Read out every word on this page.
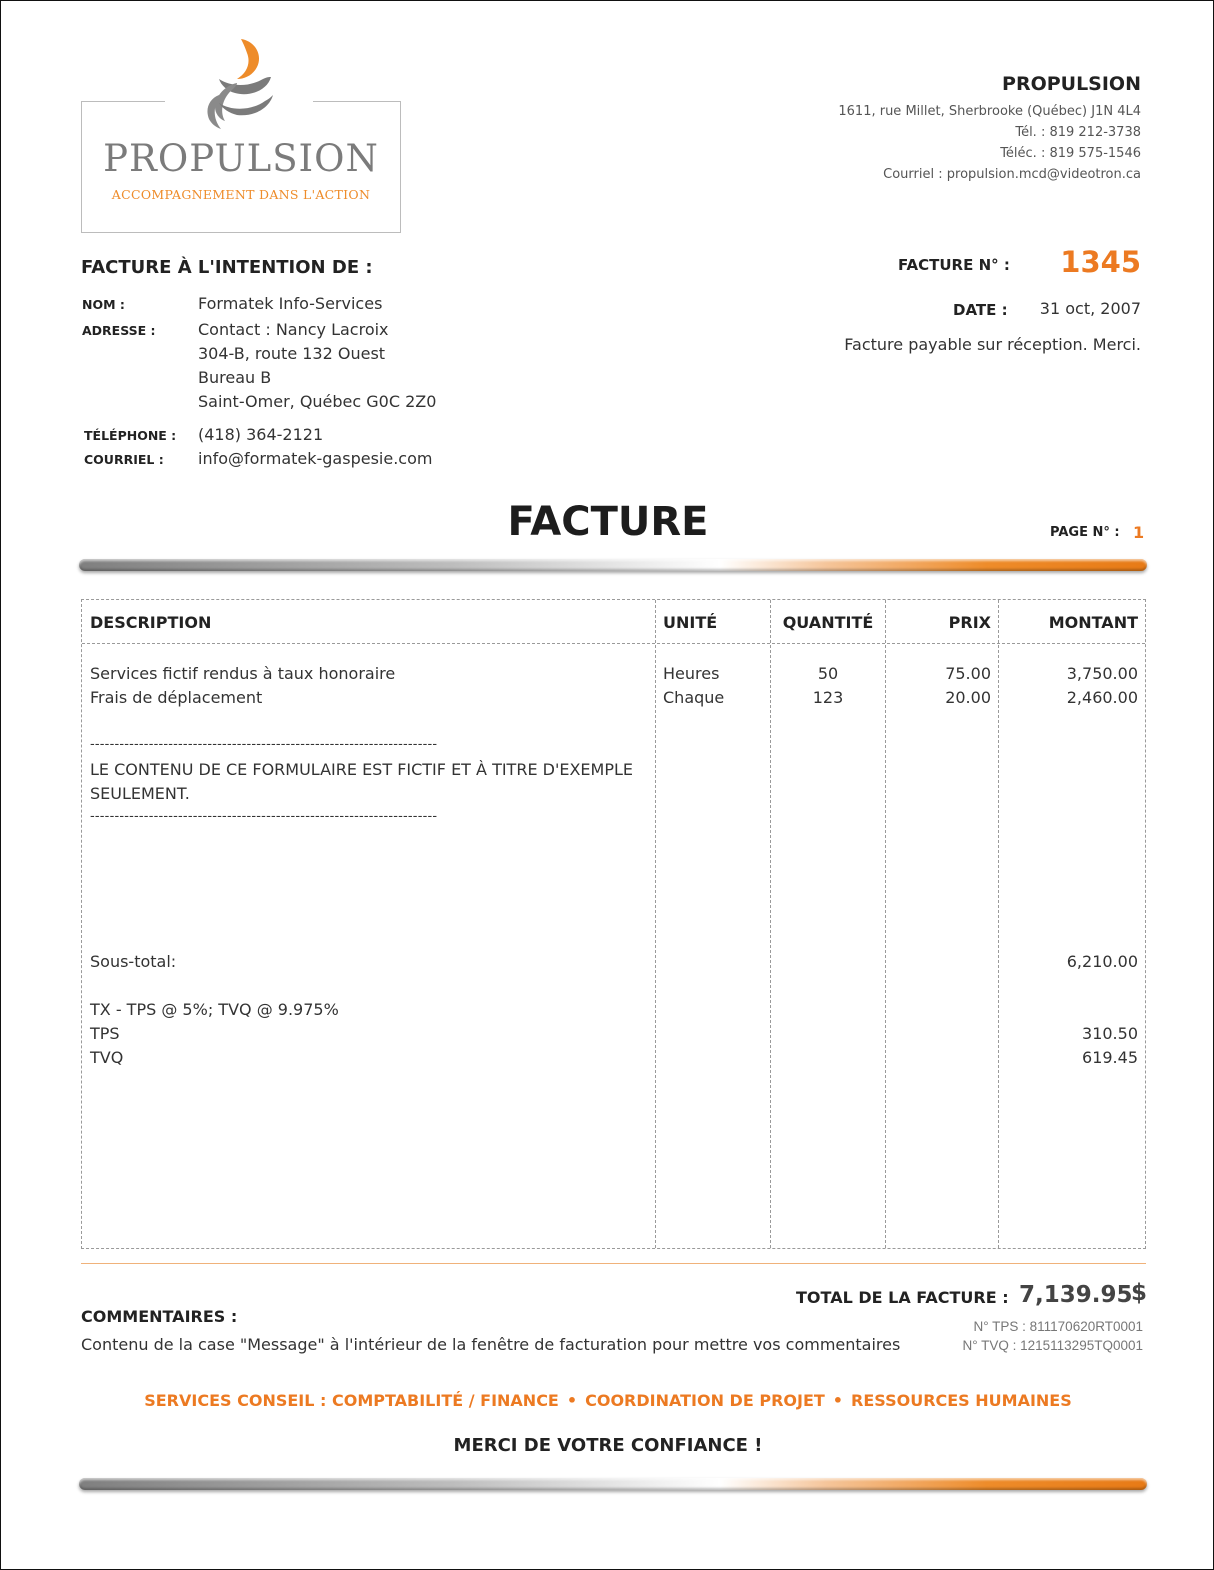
PROPULSION
ACCOMPAGNEMENT DANS L'ACTION
PROPULSION
1611, rue Millet, Sherbrooke (Québec) J1N 4L4
Tél. : 819 212-3738
Téléc. : 819 575-1546
Courriel : propulsion.mcd@videotron.ca
FACTURE À L'INTENTION DE :
NOM :	Formatek Info-Services
ADRESSE :	Contact : Nancy Lacroix
304-B, route 132 Ouest
Bureau B
Saint-Omer, Québec G0C 2Z0
TÉLÉPHONE : (418) 364-2121
COURRIEL : info@formatek-gaspesie.com
FACTURE N° : 1345
DATE : 31 oct, 2007
Facture payable sur réception. Merci.
FACTURE	PAGE N° : 1
DESCRIPTION	UNITÉ	QUANTITÉ	PRIX	MONTANT
Services fictif rendus à taux honoraire	Heures	50	75.00	3,750.00
Frais de déplacement	Chaque	123	20.00	2,460.00
-----------------------------------------------------------------------
LE CONTENU DE CE FORMULAIRE EST FICTIF ET À TITRE D'EXEMPLE
SEULEMENT.
-----------------------------------------------------------------------
Sous-total:	6,210.00
TX - TPS @ 5%; TVQ @ 9.975%
TPS	310.50
TVQ	619.45
TOTAL DE LA FACTURE : 7,139.95
$
N° TPS : 811170620RT0001
N° TVQ : 1215113295TQ0001
COMMENTAIRES :
Contenu de la case "Message" à l'intérieur de la fenêtre de facturation pour mettre vos commentaires
SERVICES CONSEIL : COMPTABILITÉ / FINANCE • COORDINATION DE PROJET • RESSOURCES HUMAINES
MERCI DE VOTRE CONFIANCE !
